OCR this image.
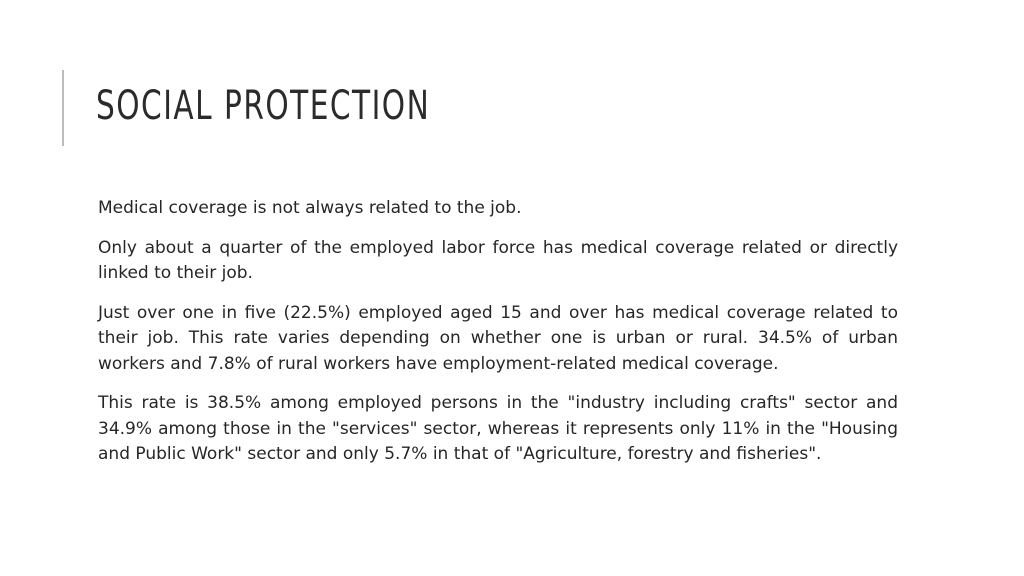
SOCIAL PROTECTION

Medical coverage is not always related to the job.

Only about a quarter of the employed labor force has medical coverage related or directly linked to their job.

Just over one in five (22.5%) employed aged 15 and over has medical coverage related to their job. This rate varies depending on whether one is urban or rural. 34.5% of urban workers and 7.8% of rural workers have employment-related medical coverage.

This rate is 38.5% among employed persons in the "industry including crafts" sector and 34.9% among those in the "services" sector, whereas it represents only 11% in the "Housing and Public Work" sector and only 5.7% in that of "Agriculture, forestry and fisheries".
